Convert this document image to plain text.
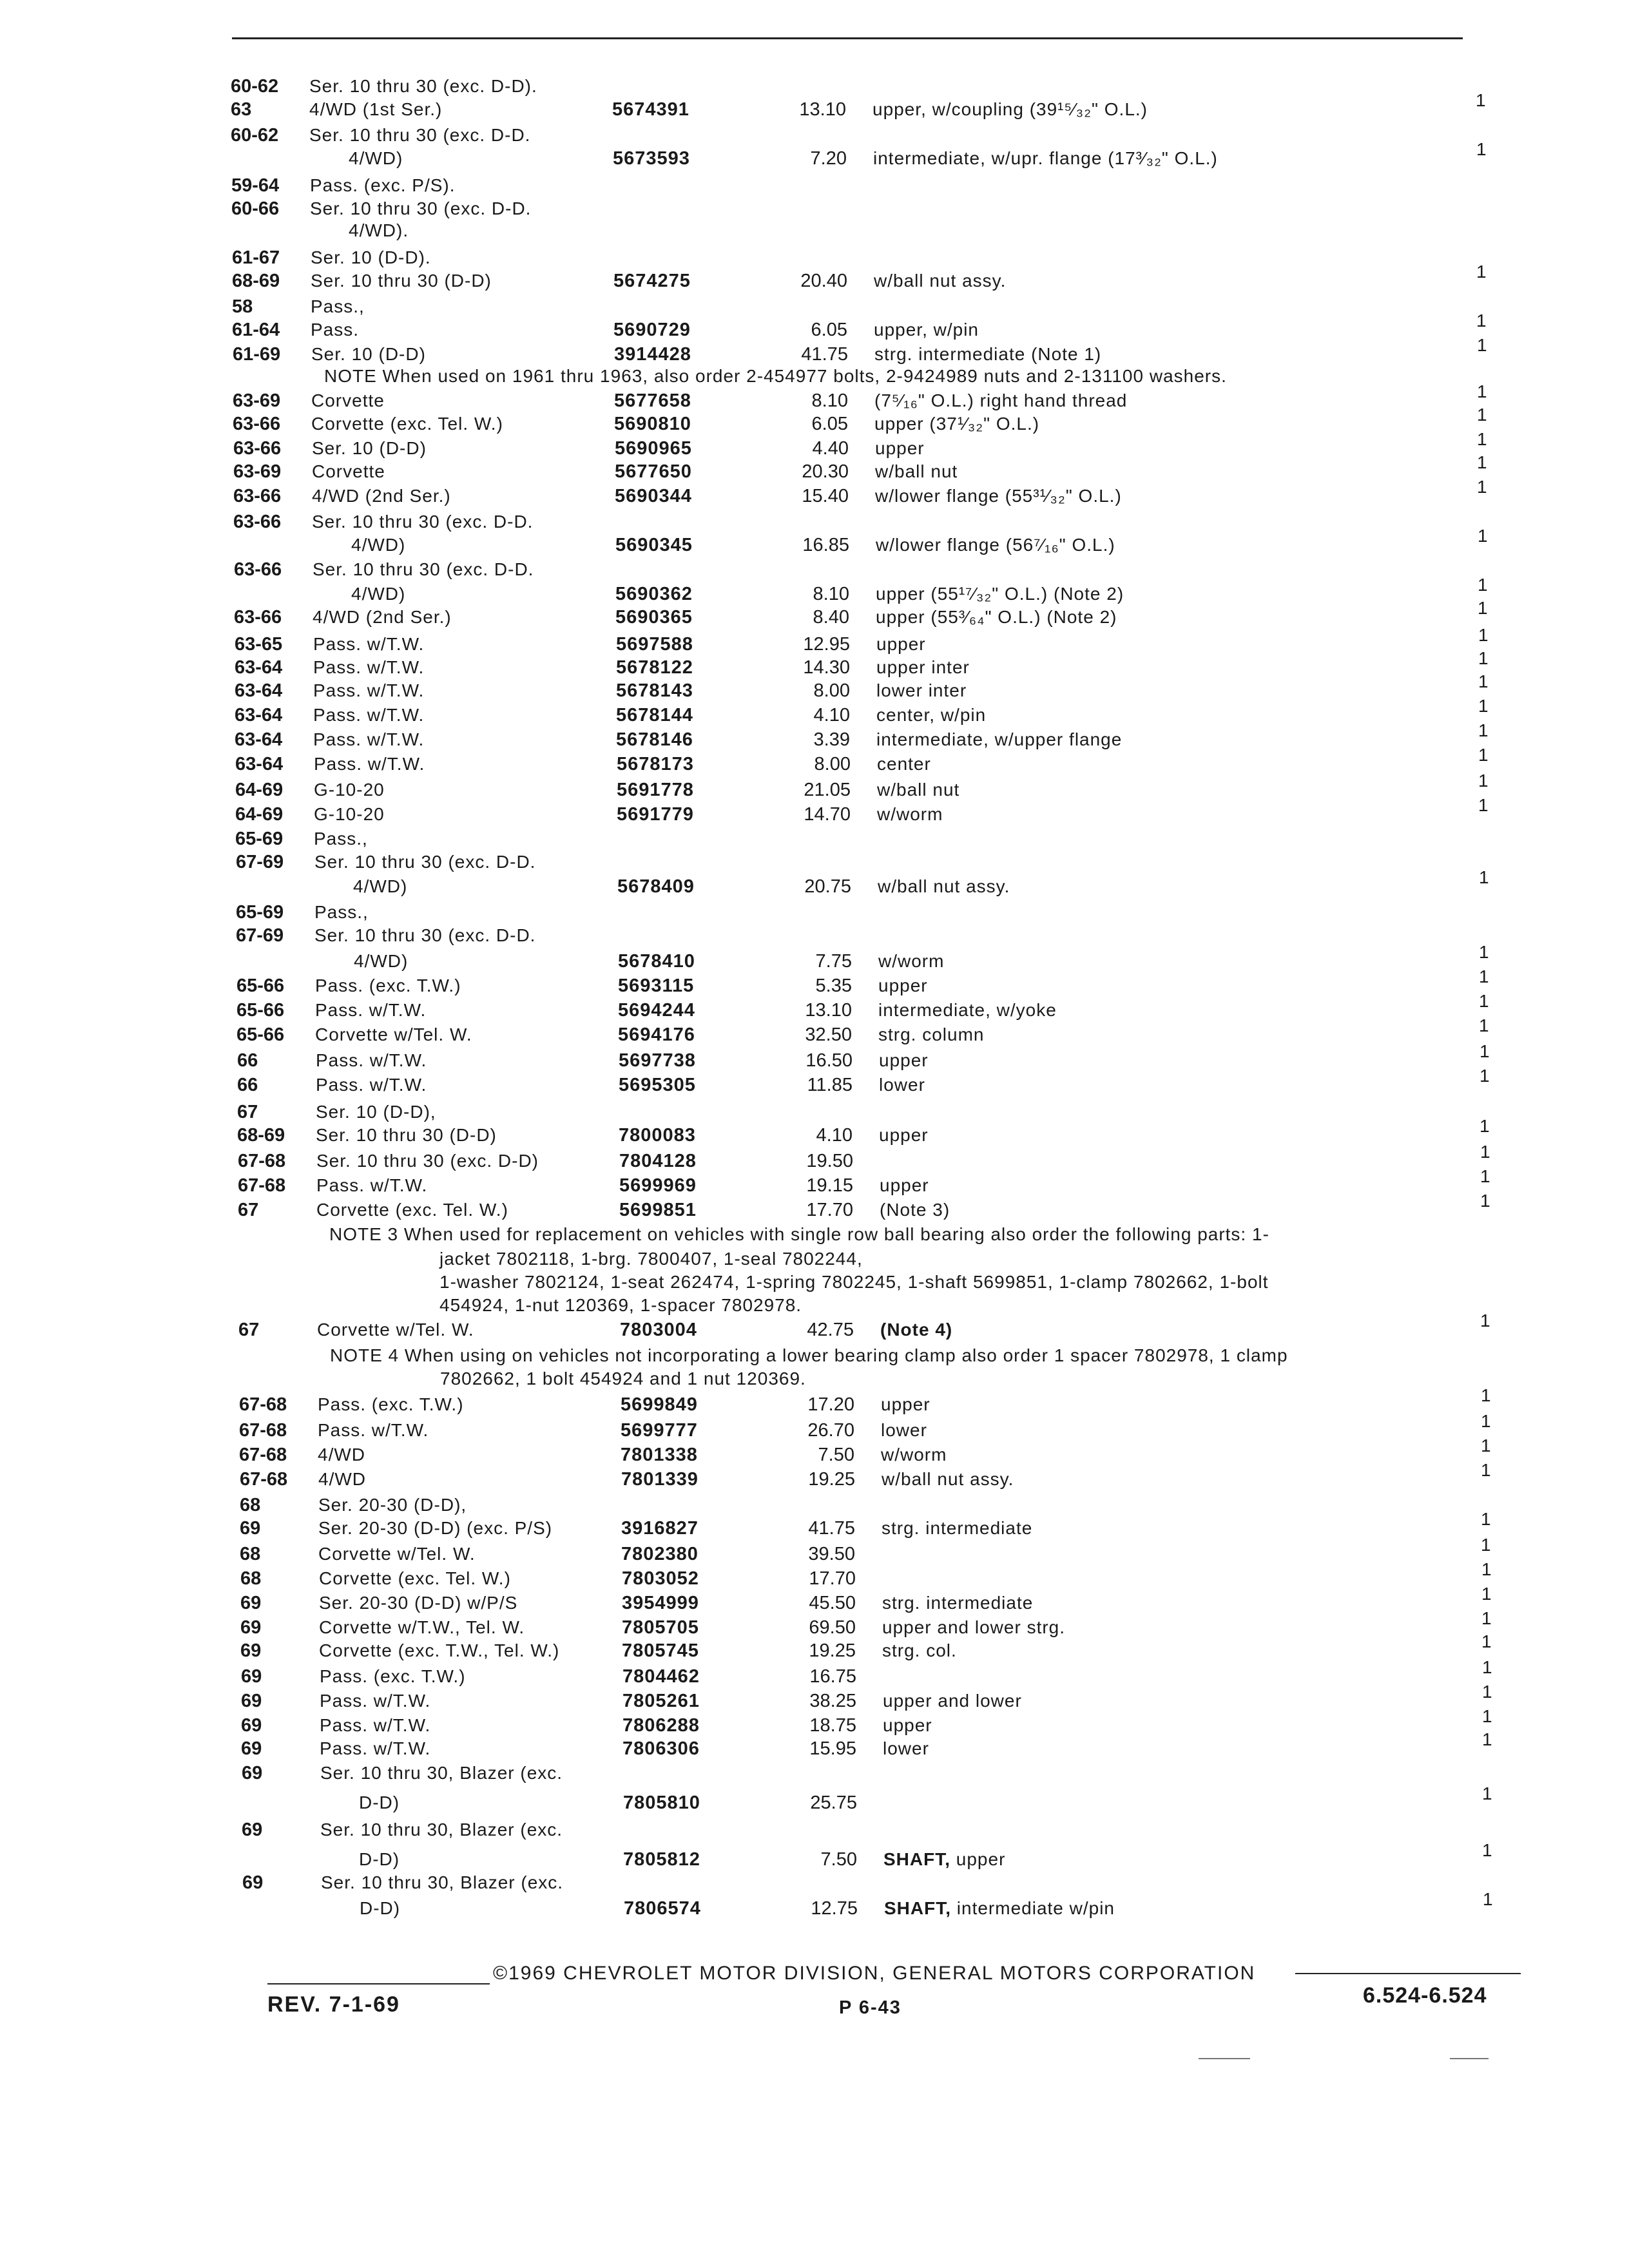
60-62 Ser. 10 thru 30 (exc. D-D).
63	4/WD (1st Ser.)	5674391	13.10 upper, w/coupling (39¹⁵⁄₃₂" O.L.)	1
60-62 Ser. 10 thru 30 (exc. D-D.
4/WD)	5673593	7.20 intermediate, w/upr. flange (17³⁄₃₂" O.L.)	1
59-64 Pass. (exc. P/S).
60-66 Ser. 10 thru 30 (exc. D-D.
4/WD).
61-67 Ser. 10 (D-D).
68-69 Ser. 10 thru 30 (D-D)	5674275	20.40 w/ball nut assy.	1
58	Pass.,
61-64 Pass.	5690729	6.05 upper, w/pin	1
61-69 Ser. 10 (D-D)	3914428	41.75 strg. intermediate (Note 1)	1
NOTE When used on 1961 thru 1963, also order 2-454977 bolts, 2-9424989 nuts and 2-131100 washers.
63-69 Corvette	5677658	8.10 (7⁵⁄₁₆" O.L.) right hand thread	1
63-66 Corvette (exc. Tel. W.)	5690810	6.05 upper (37¹⁄₃₂" O.L.)	1
63-66 Ser. 10 (D-D)	5690965	4.40 upper	1
63-69 Corvette	5677650	20.30 w/ball nut	1
63-66 4/WD (2nd Ser.)	5690344	15.40 w/lower flange (55³¹⁄₃₂" O.L.)	1
63-66 Ser. 10 thru 30 (exc. D-D.
4/WD)	5690345	16.85 w/lower flange (56⁷⁄₁₆" O.L.)	1
63-66 Ser. 10 thru 30 (exc. D-D.
4/WD)	5690362	8.10 upper (55¹⁷⁄₃₂" O.L.) (Note 2)	1
63-66 4/WD (2nd Ser.)	5690365	8.40 upper (55³⁄₆₄" O.L.) (Note 2)	1
63-65 Pass. w/T.W.	5697588	12.95 upper	1
63-64 Pass. w/T.W.	5678122	14.30 upper inter	1
63-64 Pass. w/T.W.	5678143	8.00 lower inter	1
63-64 Pass. w/T.W.	5678144	4.10 center, w/pin	1
63-64 Pass. w/T.W.	5678146	3.39 intermediate, w/upper flange	1
63-64 Pass. w/T.W.	5678173	8.00 center	1
64-69 G-10-20	5691778	21.05 w/ball nut	1
64-69 G-10-20	5691779	14.70 w/worm	1
65-69 Pass.,
67-69 Ser. 10 thru 30 (exc. D-D.
4/WD)	5678409	20.75 w/ball nut assy.	1
65-69 Pass.,
67-69 Ser. 10 thru 30 (exc. D-D.
4/WD)	5678410	7.75 w/worm	1
65-66 Pass. (exc. T.W.)	5693115	5.35 upper	1
65-66 Pass. w/T.W.	5694244	13.10 intermediate, w/yoke	1
65-66 Corvette w/Tel. W.	5694176	32.50 strg. column	1
66	Pass. w/T.W.	5697738	16.50 upper	1
66	Pass. w/T.W.	5695305	11.85 lower	1
67	Ser. 10 (D-D),
68-69 Ser. 10 thru 30 (D-D)	7800083	4.10 upper	1
67-68 Ser. 10 thru 30 (exc. D-D)	7804128	19.50	1
67-68 Pass. w/T.W.	5699969	19.15 upper	1
67	Corvette (exc. Tel. W.)	5699851	17.70 (Note 3)	1
NOTE 3 When used for replacement on vehicles with single row ball bearing also order the following parts: 1-
jacket 7802118, 1-brg. 7800407, 1-seal 7802244,
1-washer 7802124, 1-seat 262474, 1-spring 7802245, 1-shaft 5699851, 1-clamp 7802662, 1-bolt
454924, 1-nut 120369, 1-spacer 7802978.
67	Corvette w/Tel. W.	7803004	42.75 (Note 4)	1
NOTE 4 When using on vehicles not incorporating a lower bearing clamp also order 1 spacer 7802978, 1 clamp
7802662, 1 bolt 454924 and 1 nut 120369.
67-68 Pass. (exc. T.W.)	5699849	17.20 upper	1
67-68 Pass. w/T.W.	5699777	26.70 lower	1
67-68 4/WD	7801338	7.50 w/worm	1
67-68 4/WD	7801339	19.25 w/ball nut assy.	1
68	Ser. 20-30 (D-D),
69	Ser. 20-30 (D-D) (exc. P/S)	3916827	41.75 strg. intermediate	1
68	Corvette w/Tel. W.	7802380	39.50	1
68	Corvette (exc. Tel. W.)	7803052	17.70	1
69	Ser. 20-30 (D-D) w/P/S	3954999	45.50 strg. intermediate	1
69	Corvette w/T.W., Tel. W.	7805705	69.50 upper and lower strg.	1
69	Corvette (exc. T.W., Tel. W.)	7805745	19.25 strg. col.	1
69	Pass. (exc. T.W.)	7804462	16.75	1
69	Pass. w/T.W.	7805261	38.25 upper and lower	1
69	Pass. w/T.W.	7806288	18.75 upper	1
69	Pass. w/T.W.	7806306	15.95 lower	1
69	Ser. 10 thru 30, Blazer (exc.
D-D)	7805810	25.75	1
69	Ser. 10 thru 30, Blazer (exc.
D-D)	7805812	7.50 SHAFT, upper	1
69	Ser. 10 thru 30, Blazer (exc.
D-D)	7806574	12.75 SHAFT, intermediate w/pin	1
©1969 CHEVROLET MOTOR DIVISION, GENERAL MOTORS CORPORATION
REV. 7-1-69	P 6-43	6.524-6.524
